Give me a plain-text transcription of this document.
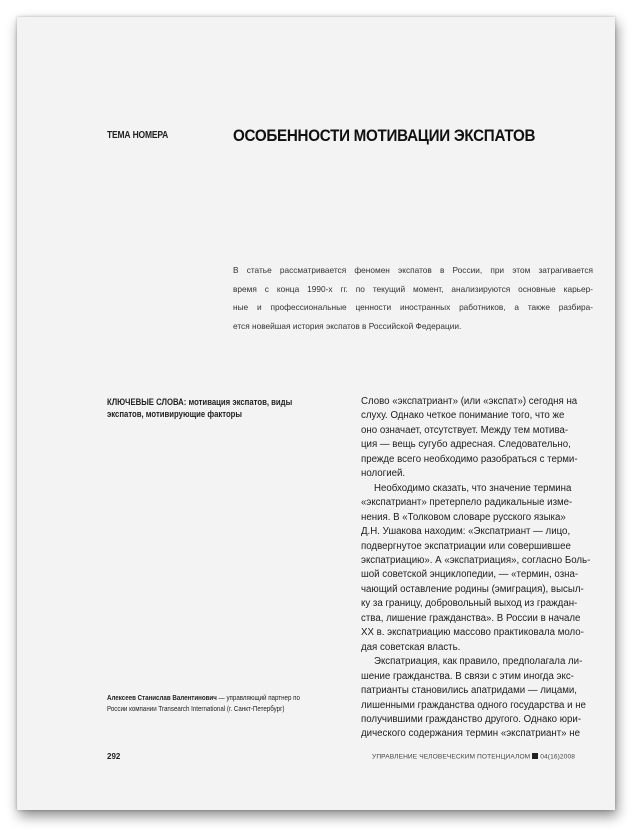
ТЕМА НОМЕРА	ОСОБЕННОСТИ МОТИВАЦИИ ЭКСПАТОВ
В статье рассматривается феномен экспатов в России, при этом затрагивается
время с конца 1990-х гг. по текущий момент, анализируются основные карьер-
ные и профессиональные ценности иностранных работников, а также разбира-
ется новейшая история экспатов в Российской Федерации.
КЛЮЧЕВЫЕ СЛОВА: мотивация экспатов, виды экспатов, мотивирующие факторы
Слово «экспатриант» (или «экспат») сегодня на
слуху. Однако четкое понимание того, что же
оно означает, отсутствует. Между тем мотива-
ция — вещь сугубо адресная. Следовательно,
прежде всего необходимо разобраться с терми-
нологией.
Необходимо сказать, что значение термина
«экспатриант» претерпело радикальные изме-
нения. В «Толковом словаре русского языка»
Д.Н. Ушакова находим: «Экспатриант — лицо,
подвергнутое экспатриации или совершившее
экспатриацию». А «экспатриация», согласно Боль-
шой советской энциклопедии, — «термин, озна-
чающий оставление родины (эмиграция), высыл-
ку за границу, добровольный выход из граждан-
ства, лишение гражданства». В России в начале
XX в. экспатриацию массово практиковала моло-
дая советская власть.
Экспатриация, как правило, предполагала ли-
шение гражданства. В связи с этим иногда экс-
патрианты становились апатридами — лицами,
лишенными гражданства одного государства и не
получившими гражданство другого. Однако юри-
дического содержания термин «экспатриант» не
Алексеев Станислав Валентинович — управляющий партнер по России компании Transearch International (г. Санкт-Петербург)
292	УПРАВЛЕНИЕ ЧЕЛОВЕЧЕСКИМ ПОТЕНЦИАЛОМ 04(16)2008
